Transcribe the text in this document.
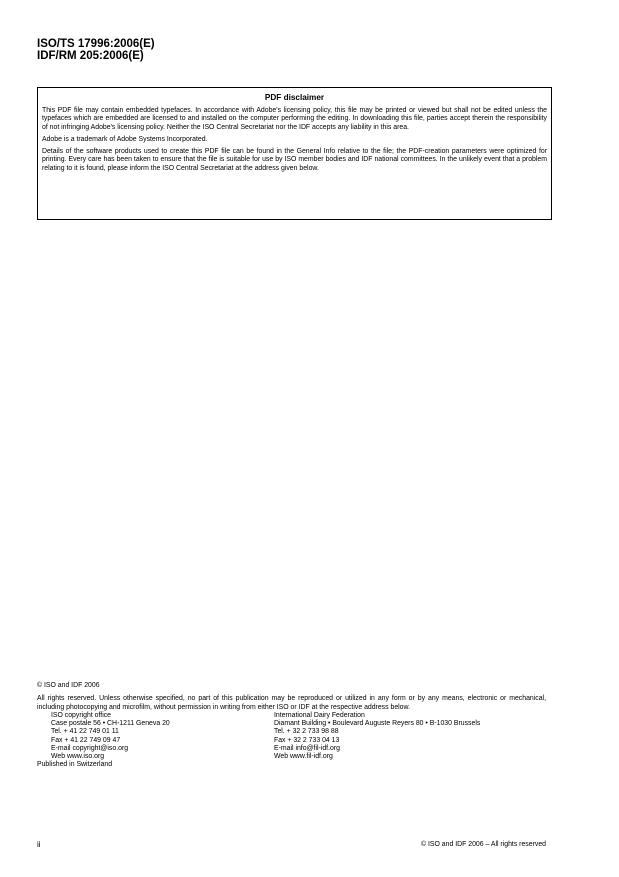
ISO/TS 17996:2006(E)
IDF/RM 205:2006(E)
PDF disclaimer

This PDF file may contain embedded typefaces. In accordance with Adobe's licensing policy, this file may be printed or viewed but shall not be edited unless the typefaces which are embedded are licensed to and installed on the computer performing the editing. In downloading this file, parties accept therein the responsibility of not infringing Adobe's licensing policy. Neither the ISO Central Secretariat nor the IDF accepts any liability in this area.

Adobe is a trademark of Adobe Systems Incorporated.

Details of the software products used to create this PDF file can be found in the General Info relative to the file; the PDF-creation parameters were optimized for printing. Every care has been taken to ensure that the file is suitable for use by ISO member bodies and IDF national committees. In the unlikely event that a problem relating to it is found, please inform the ISO Central Secretariat at the address given below.

© ISO and IDF 2006
All rights reserved. Unless otherwise specified, no part of this publication may be reproduced or utilized in any form or by any means, electronic or mechanical, including photocopying and microfilm, without permission in writing from either ISO or IDF at the respective address below.
ISO copyright office
Case postale 56 • CH-1211 Geneva 20
Tel. + 41 22 749 01 11
Fax + 41 22 749 09 47
E-mail copyright@iso.org
Web www.iso.org
International Dairy Federation
Diamant Building • Boulevard Auguste Reyers 80 • B-1030 Brussels
Tel. + 32 2 733 98 88
Fax + 32 2 733 04 13
E-mail info@fil-idf.org
Web www.fil-idf.org
Published in Switzerland
ii	© ISO and IDF 2006 – All rights reserved
